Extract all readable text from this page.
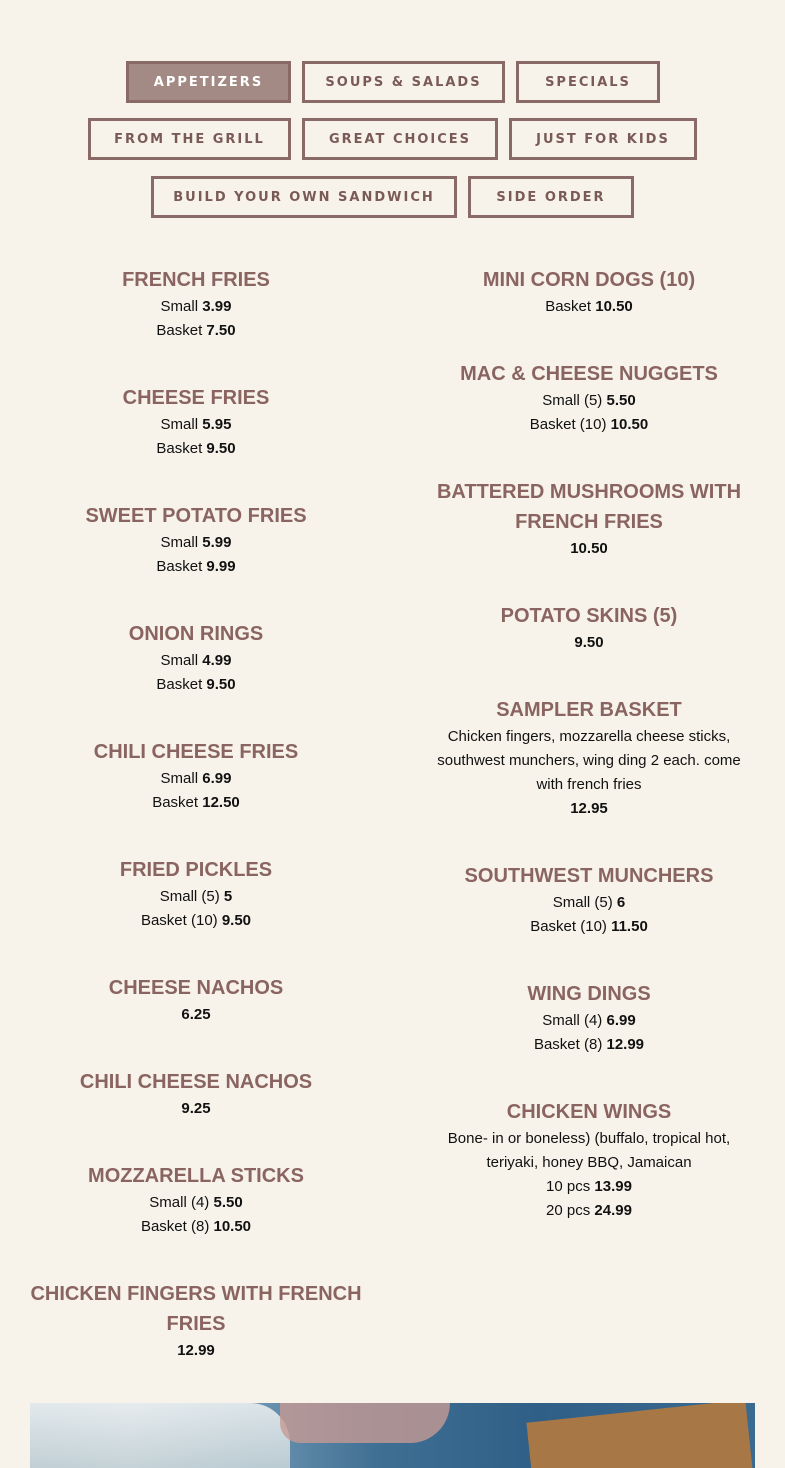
APPETIZERS	SOUPS & SALADS	SPECIALS
FROM THE GRILL	GREAT CHOICES	JUST FOR KIDS
BUILD YOUR OWN SANDWICH	SIDE ORDER
FRENCH FRIES
Small 3.99
Basket 7.50
CHEESE FRIES
Small 5.95
Basket 9.50
SWEET POTATO FRIES
Small 5.99
Basket 9.99
ONION RINGS
Small 4.99
Basket 9.50
CHILI CHEESE FRIES
Small 6.99
Basket 12.50
FRIED PICKLES
Small (5) 5
Basket (10) 9.50
CHEESE NACHOS
6.25
CHILI CHEESE NACHOS
9.25
MOZZARELLA STICKS
Small (4) 5.50
Basket (8) 10.50
CHICKEN FINGERS WITH FRENCH FRIES
12.99
MINI CORN DOGS (10)
Basket 10.50
MAC & CHEESE NUGGETS
Small (5) 5.50
Basket (10) 10.50
BATTERED MUSHROOMS WITH FRENCH FRIES
10.50
POTATO SKINS (5)
9.50
SAMPLER BASKET
Chicken fingers, mozzarella cheese sticks, southwest munchers, wing ding 2 each. come with french fries
12.95
SOUTHWEST MUNCHERS
Small (5) 6
Basket (10) 11.50
WING DINGS
Small (4) 6.99
Basket (8) 12.99
CHICKEN WINGS
Bone- in or boneless) (buffalo, tropical hot, teriyaki, honey BBQ, Jamaican
10 pcs 13.99
20 pcs 24.99
